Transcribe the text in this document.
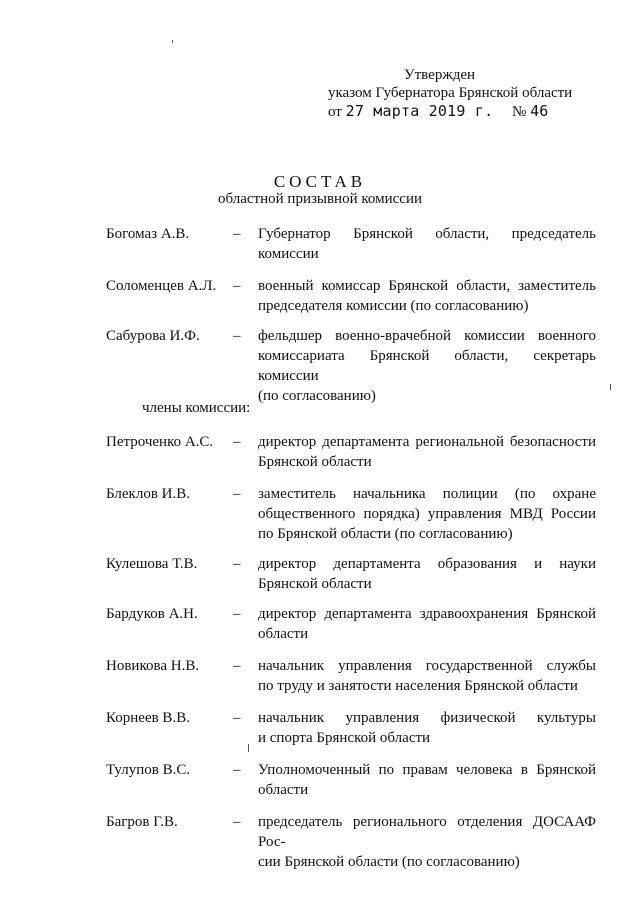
Утвержден
указом Губернатора Брянской области
от 27 марта 2019 г. № 46
СОСТАВ
областной призывной комиссии
Богомаз А.В.	– Губернатор Брянской области, председатель
комиссии
Соломенцев А.Л. – военный комиссар Брянской области, заместитель
председателя комиссии (по согласованию)
Сабурова И.Ф. – фельдшер военно-врачебной комиссии военного
комиссариата Брянской области, секретарь комиссии
(по согласованию)
члены комиссии:
Петроченко А.С. – директор департамента региональной безопасности
Брянской области
Блеклов И.В.	– заместитель начальника полиции (по охране
общественного порядка) управления МВД России
по Брянской области (по согласованию)
Кулешова Т.В. – директор департамента образования и науки
Брянской области
Бардуков А.Н. – директор департамента здравоохранения Брянской
области
Новикова Н.В. – начальник управления государственной службы
по труду и занятости населения Брянской области
Корнеев В.В.	– начальник управления физической культуры
и спорта Брянской области
Тулупов В.С.	– Уполномоченный по правам человека в Брянской
области
Багров Г.В.	– председатель регионального отделения ДОСААФ Рос-
сии Брянской области (по согласованию)
